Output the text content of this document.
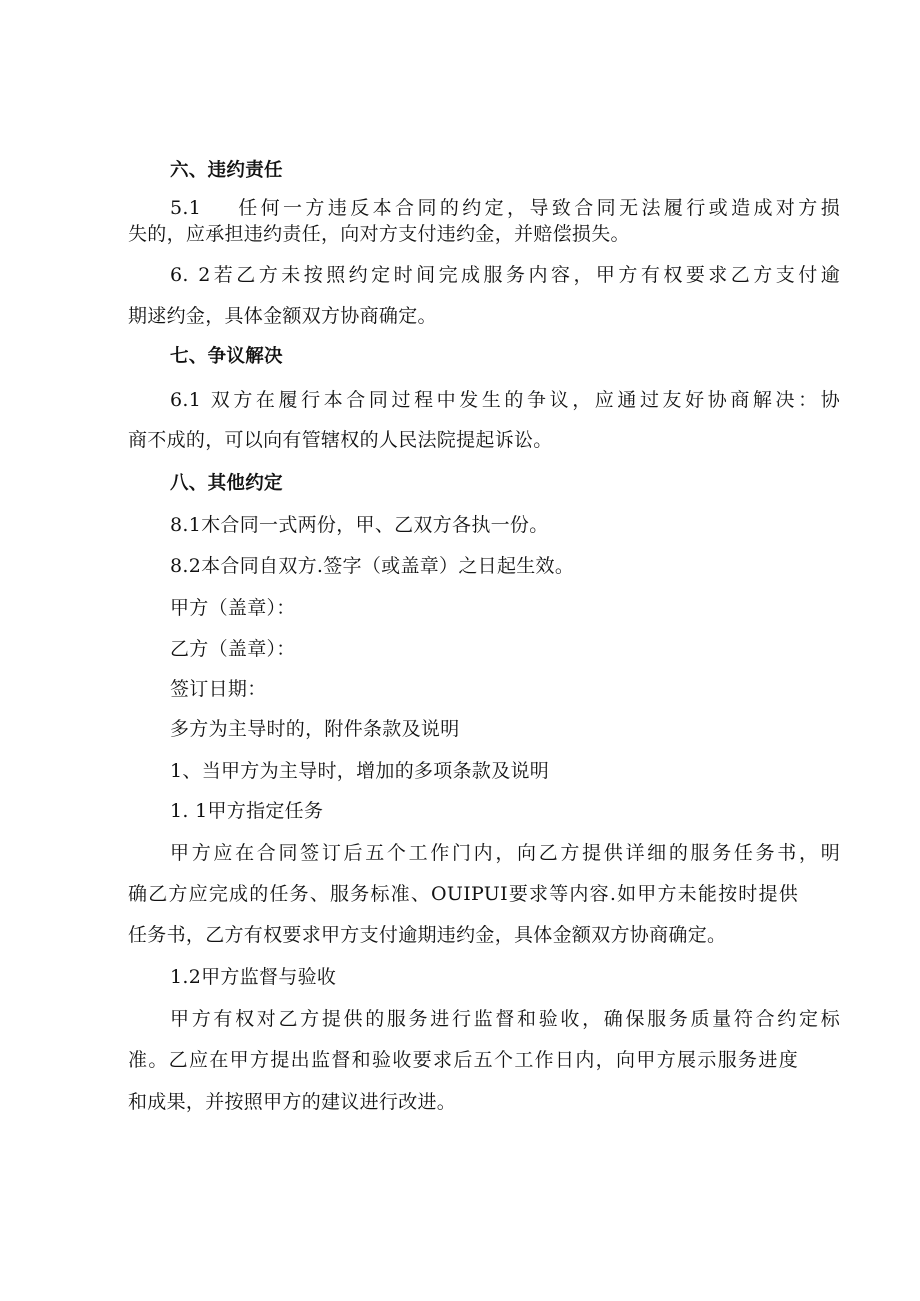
六、违约责任
5.1 任何一方违反本合同的约定，导致合同无法履行或造成对方损
失的，应承担违约责任，向对方支付违约金，并赔偿损失。
6. 2若乙方未按照约定时间完成服务内容，甲方有权要求乙方支付逾
期逑约金，具体金额双方协商确定。
七、争议解决
6.1 双方在履行本合同过程中发生的争议，应通过友好协商解决：协
商不成的，可以向有管辖权的人民法院提起诉讼。
八、其他约定
8.1木合同一式两份，甲、乙双方各执一份。
8.2本合同自双方.签字（或盖章）之日起生效。
甲方（盖章）：
乙方（盖章）：
签订日期：
多方为主导时的，附件条款及说明
1、当甲方为主导时，增加的多项条款及说明
1. 1甲方指定任务
甲方应在合同签订后五个工作门内，向乙方提供详细的服务任务书，明
确乙方应完成的任务、服务标准、OUIPUI要求等内容.如甲方未能按时提供
任务书，乙方有权要求甲方支付逾期违约金，具体金额双方协商确定。
1.2甲方监督与验收
甲方有权对乙方提供的服务进行监督和验收，确保服务质量符合约定标
准。乙应在甲方提出监督和验收要求后五个工作日内，向甲方展示服务进度
和成果，并按照甲方的建议进行改进。
